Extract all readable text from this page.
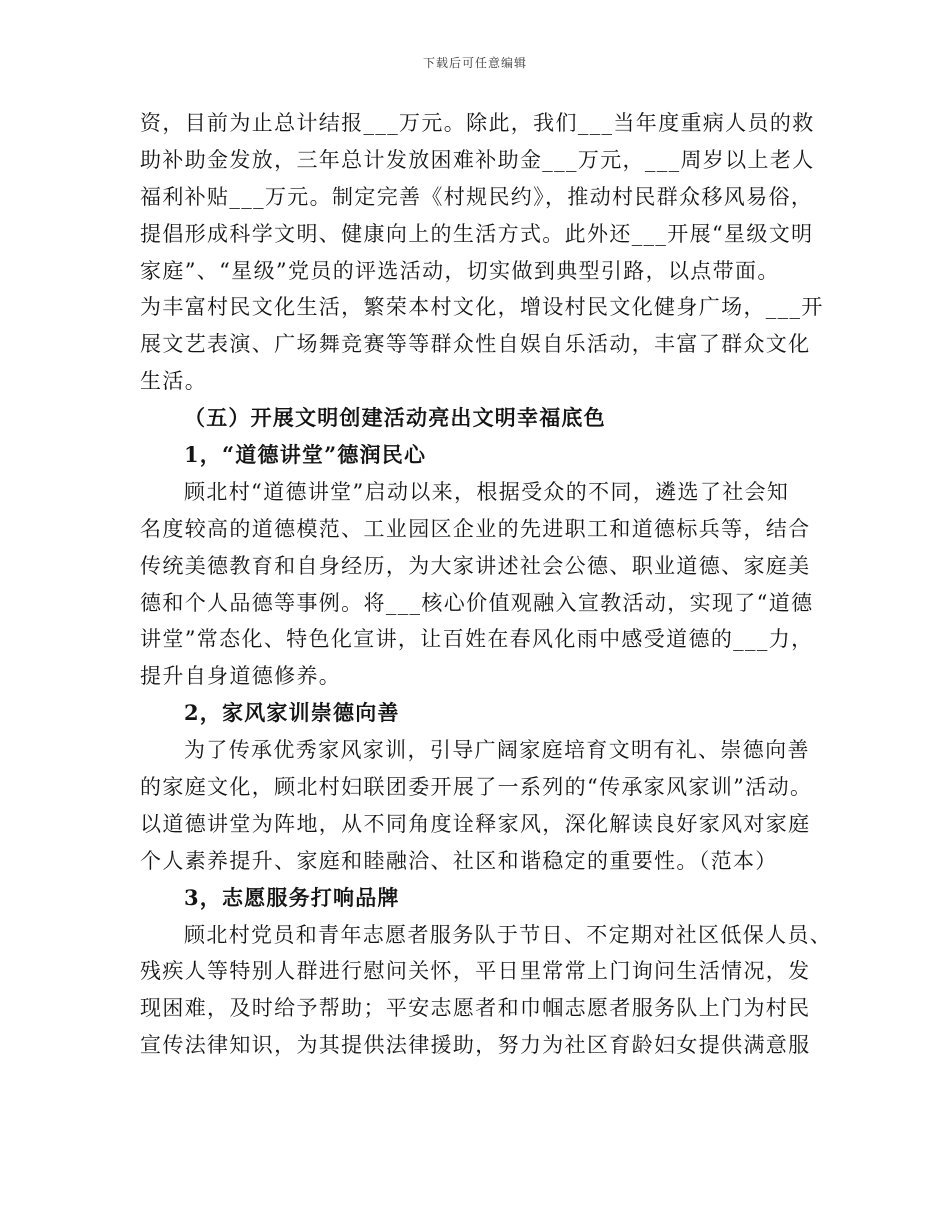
下载后可任意编辑
资，目前为止总计结报___万元。除此，我们___当年度重病人员的救
助补助金发放，三年总计发放困难补助金___万元，___周岁以上老人
福利补贴___万元。制定完善《村规民约》，推动村民群众移风易俗，
提倡形成科学文明、健康向上的生活方式。此外还___开展“星级文明
家庭”、“星级”党员的评选活动，切实做到典型引路，以点带面。
为丰富村民文化生活，繁荣本村文化，增设村民文化健身广场，___开
展文艺表演、广场舞竞赛等等群众性自娱自乐活动，丰富了群众文化
生活。
（五）开展文明创建活动亮出文明幸福底色
1，“道德讲堂”德润民心
顾北村“道德讲堂”启动以来，根据受众的不同，遴选了社会知
名度较高的道德模范、工业园区企业的先进职工和道德标兵等，结合
传统美德教育和自身经历，为大家讲述社会公德、职业道德、家庭美
德和个人品德等事例。将___核心价值观融入宣教活动，实现了“道德
讲堂”常态化、特色化宣讲，让百姓在春风化雨中感受道德的___力，
提升自身道德修养。
2，家风家训崇德向善
为了传承优秀家风家训，引导广阔家庭培育文明有礼、崇德向善
的家庭文化，顾北村妇联团委开展了一系列的“传承家风家训”活动。
以道德讲堂为阵地，从不同角度诠释家风，深化解读良好家风对家庭
个人素养提升、家庭和睦融洽、社区和谐稳定的重要性。（范本）
3，志愿服务打响品牌
顾北村党员和青年志愿者服务队于节日、不定期对社区低保人员、
残疾人等特别人群进行慰问关怀，平日里常常上门询问生活情况，发
现困难，及时给予帮助；平安志愿者和巾帼志愿者服务队上门为村民
宣传法律知识，为其提供法律援助，努力为社区育龄妇女提供满意服
